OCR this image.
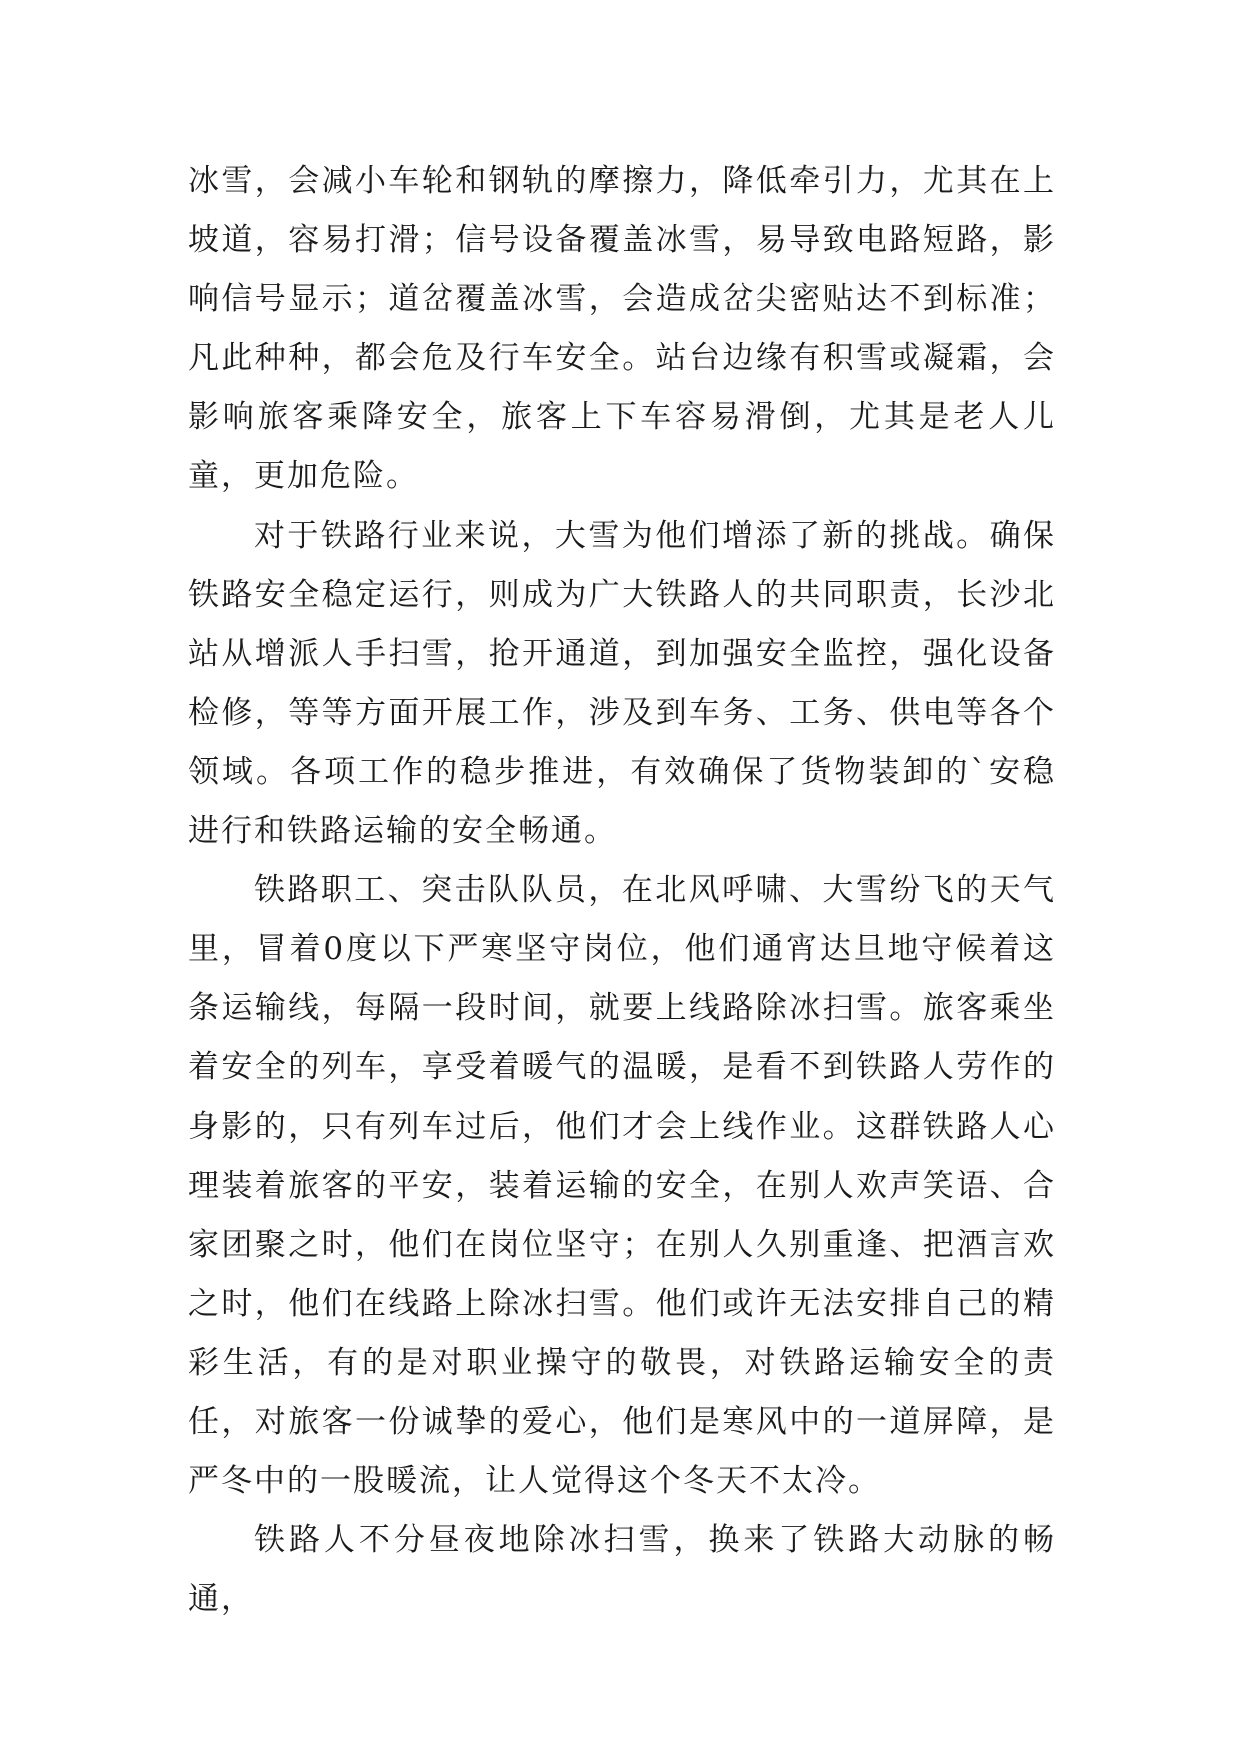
冰雪，会减小车轮和钢轨的摩擦力，降低牵引力，尤其在上坡道，容易打滑；信号设备覆盖冰雪，易导致电路短路，影响信号显示；道岔覆盖冰雪，会造成岔尖密贴达不到标准；凡此种种，都会危及行车安全。站台边缘有积雪或凝霜，会影响旅客乘降安全，旅客上下车容易滑倒，尤其是老人儿童，更加危险。

对于铁路行业来说，大雪为他们增添了新的挑战。确保铁路安全稳定运行，则成为广大铁路人的共同职责，长沙北站从增派人手扫雪，抢开通道，到加强安全监控，强化设备检修，等等方面开展工作，涉及到车务、工务、供电等各个领域。各项工作的稳步推进，有效确保了货物装卸的`安稳进行和铁路运输的安全畅通。

铁路职工、突击队队员，在北风呼啸、大雪纷飞的天气里，冒着0度以下严寒坚守岗位，他们通宵达旦地守候着这条运输线，每隔一段时间，就要上线路除冰扫雪。旅客乘坐着安全的列车，享受着暖气的温暖，是看不到铁路人劳作的身影的，只有列车过后，他们才会上线作业。这群铁路人心理装着旅客的平安，装着运输的安全，在别人欢声笑语、合家团聚之时，他们在岗位坚守；在别人久别重逢、把酒言欢之时，他们在线路上除冰扫雪。他们或许无法安排自己的精彩生活，有的是对职业操守的敬畏，对铁路运输安全的责任，对旅客一份诚挚的爱心，他们是寒风中的一道屏障，是严冬中的一股暖流，让人觉得这个冬天不太冷。

铁路人不分昼夜地除冰扫雪，换来了铁路大动脉的畅通，
